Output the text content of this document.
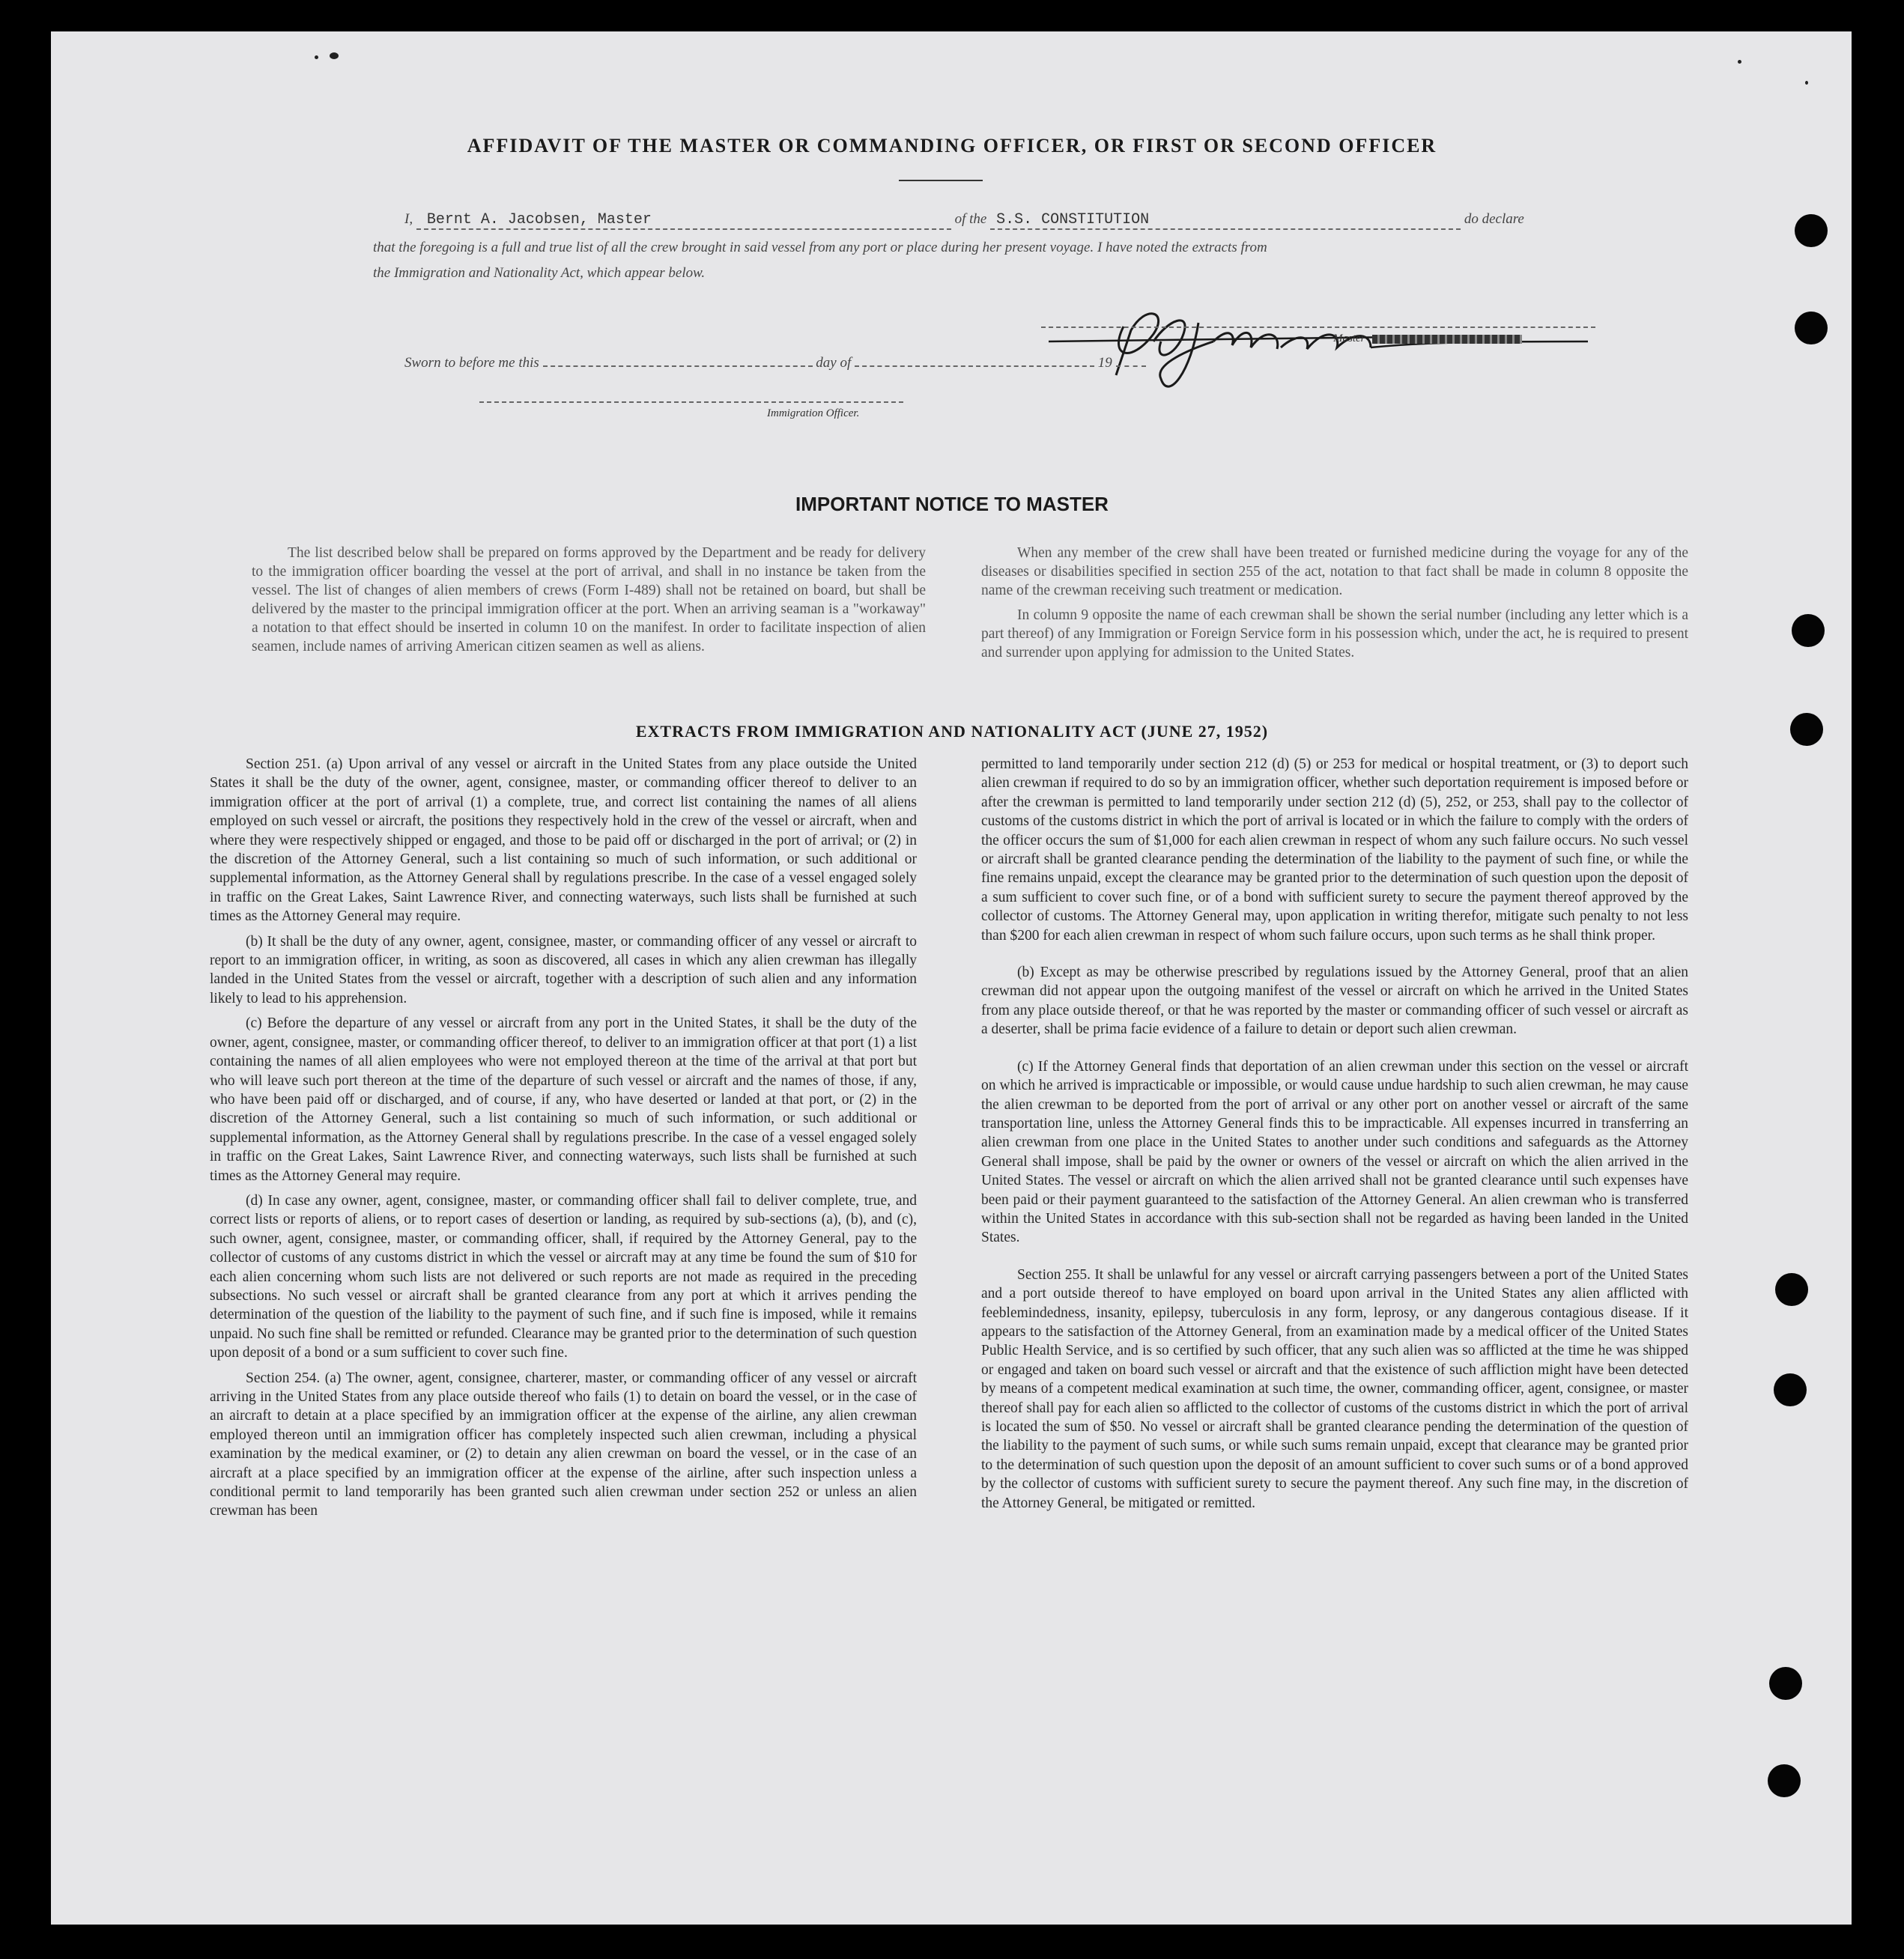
AFFIDAVIT OF THE MASTER OR COMMANDING OFFICER, OR FIRST OR SECOND OFFICER
I, Bernt A. Jacobsen, Master	of the S.S. CONSTITUTION	do declare
that the foregoing is a full and true list of all the crew brought in said vessel from any port or place during her present voyage. I have noted the extracts from
the Immigration and Nationality Act, which appear below.
Master
Sworn to before me this	day of	19
Immigration Officer.
IMPORTANT NOTICE TO MASTER

The list described below shall be prepared on forms approved by the Department and be ready for delivery to the immigration officer boarding the vessel at the port of arrival, and shall in no instance be taken from the vessel. The list of changes of alien members of crews (Form I-489) shall not be retained on board, but shall be delivered by the master to the principal immigration officer at the port. When an arriving seaman is a "workaway" a notation to that effect should be inserted in column 10 on the manifest. In order to facilitate inspection of alien seamen, include names of arriving American citizen seamen as well as aliens.

When any member of the crew shall have been treated or furnished medicine during the voyage for any of the diseases or disabilities specified in section 255 of the act, notation to that fact shall be made in column 8 opposite the name of the crewman receiving such treatment or medication.

In column 9 opposite the name of each crewman shall be shown the serial number (including any letter which is a part thereof) of any Immigration or Foreign Service form in his possession which, under the act, he is required to present and surrender upon applying for admission to the United States.

EXTRACTS FROM IMMIGRATION AND NATIONALITY ACT (JUNE 27, 1952)

Section 251. (a) Upon arrival of any vessel or aircraft in the United States from any place outside the United States it shall be the duty of the owner, agent, consignee, master, or commanding officer thereof to deliver to an immigration officer at the port of arrival (1) a complete, true, and correct list containing the names of all aliens employed on such vessel or aircraft, the positions they respectively hold in the crew of the vessel or aircraft, when and where they were respectively shipped or engaged, and those to be paid off or discharged in the port of arrival; or (2) in the discretion of the Attorney General, such a list containing so much of such information, or such additional or supplemental information, as the Attorney General shall by regulations prescribe. In the case of a vessel engaged solely in traffic on the Great Lakes, Saint Lawrence River, and connecting waterways, such lists shall be furnished at such times as the Attorney General may require.

(b) It shall be the duty of any owner, agent, consignee, master, or commanding officer of any vessel or aircraft to report to an immigration officer, in writing, as soon as discovered, all cases in which any alien crewman has illegally landed in the United States from the vessel or aircraft, together with a description of such alien and any information likely to lead to his apprehension.

(c) Before the departure of any vessel or aircraft from any port in the United States, it shall be the duty of the owner, agent, consignee, master, or commanding officer thereof, to deliver to an immigration officer at that port (1) a list containing the names of all alien employees who were not employed thereon at the time of the arrival at that port but who will leave such port thereon at the time of the departure of such vessel or aircraft and the names of those, if any, who have been paid off or discharged, and of course, if any, who have deserted or landed at that port, or (2) in the discretion of the Attorney General, such a list containing so much of such information, or such additional or supplemental information, as the Attorney General shall by regulations prescribe. In the case of a vessel engaged solely in traffic on the Great Lakes, Saint Lawrence River, and connecting waterways, such lists shall be furnished at such times as the Attorney General may require.

(d) In case any owner, agent, consignee, master, or commanding officer shall fail to deliver complete, true, and correct lists or reports of aliens, or to report cases of desertion or landing, as required by sub-sections (a), (b), and (c), such owner, agent, consignee, master, or commanding officer, shall, if required by the Attorney General, pay to the collector of customs of any customs district in which the vessel or aircraft may at any time be found the sum of $10 for each alien concerning whom such lists are not delivered or such reports are not made as required in the preceding subsections. No such vessel or aircraft shall be granted clearance from any port at which it arrives pending the determination of the question of the liability to the payment of such fine, and if such fine is imposed, while it remains unpaid. No such fine shall be remitted or refunded. Clearance may be granted prior to the determination of such question upon deposit of a bond or a sum sufficient to cover such fine.

Section 254. (a) The owner, agent, consignee, charterer, master, or commanding officer of any vessel or aircraft arriving in the United States from any place outside thereof who fails (1) to detain on board the vessel, or in the case of an aircraft to detain at a place specified by an immigration officer at the expense of the airline, any alien crewman employed thereon until an immigration officer has completely inspected such alien crewman, including a physical examination by the medical examiner, or (2) to detain any alien crewman on board the vessel, or in the case of an aircraft at a place specified by an immigration officer at the expense of the airline, after such inspection unless a conditional permit to land temporarily has been granted such alien crewman under section 252 or unless an alien crewman has been

permitted to land temporarily under section 212 (d) (5) or 253 for medical or hospital treatment, or (3) to deport such alien crewman if required to do so by an immigration officer, whether such deportation requirement is imposed before or after the crewman is permitted to land temporarily under section 212 (d) (5), 252, or 253, shall pay to the collector of customs of the customs district in which the port of arrival is located or in which the failure to comply with the orders of the officer occurs the sum of $1,000 for each alien crewman in respect of whom any such failure occurs. No such vessel or aircraft shall be granted clearance pending the determination of the liability to the payment of such fine, or while the fine remains unpaid, except the clearance may be granted prior to the determination of such question upon the deposit of a sum sufficient to cover such fine, or of a bond with sufficient surety to secure the payment thereof approved by the collector of customs. The Attorney General may, upon application in writing therefor, mitigate such penalty to not less than $200 for each alien crewman in respect of whom such failure occurs, upon such terms as he shall think proper.

(b) Except as may be otherwise prescribed by regulations issued by the Attorney General, proof that an alien crewman did not appear upon the outgoing manifest of the vessel or aircraft on which he arrived in the United States from any place outside thereof, or that he was reported by the master or commanding officer of such vessel or aircraft as a deserter, shall be prima facie evidence of a failure to detain or deport such alien crewman.

(c) If the Attorney General finds that deportation of an alien crewman under this section on the vessel or aircraft on which he arrived is impracticable or impossible, or would cause undue hardship to such alien crewman, he may cause the alien crewman to be deported from the port of arrival or any other port on another vessel or aircraft of the same transportation line, unless the Attorney General finds this to be impracticable. All expenses incurred in transferring an alien crewman from one place in the United States to another under such conditions and safeguards as the Attorney General shall impose, shall be paid by the owner or owners of the vessel or aircraft on which the alien arrived in the United States. The vessel or aircraft on which the alien arrived shall not be granted clearance until such expenses have been paid or their payment guaranteed to the satisfaction of the Attorney General. An alien crewman who is transferred within the United States in accordance with this sub-section shall not be regarded as having been landed in the United States.

Section 255. It shall be unlawful for any vessel or aircraft carrying passengers between a port of the United States and a port outside thereof to have employed on board upon arrival in the United States any alien afflicted with feeblemindedness, insanity, epilepsy, tuberculosis in any form, leprosy, or any dangerous contagious disease. If it appears to the satisfaction of the Attorney General, from an examination made by a medical officer of the United States Public Health Service, and is so certified by such officer, that any such alien was so afflicted at the time he was shipped or engaged and taken on board such vessel or aircraft and that the existence of such affliction might have been detected by means of a competent medical examination at such time, the owner, commanding officer, agent, consignee, or master thereof shall pay for each alien so afflicted to the collector of customs of the customs district in which the port of arrival is located the sum of $50. No vessel or aircraft shall be granted clearance pending the determination of the question of the liability to the payment of such sums, or while such sums remain unpaid, except that clearance may be granted prior to the determination of such question upon the deposit of an amount sufficient to cover such sums or of a bond approved by the collector of customs with sufficient surety to secure the payment thereof. Any such fine may, in the discretion of the Attorney General, be mitigated or remitted.
